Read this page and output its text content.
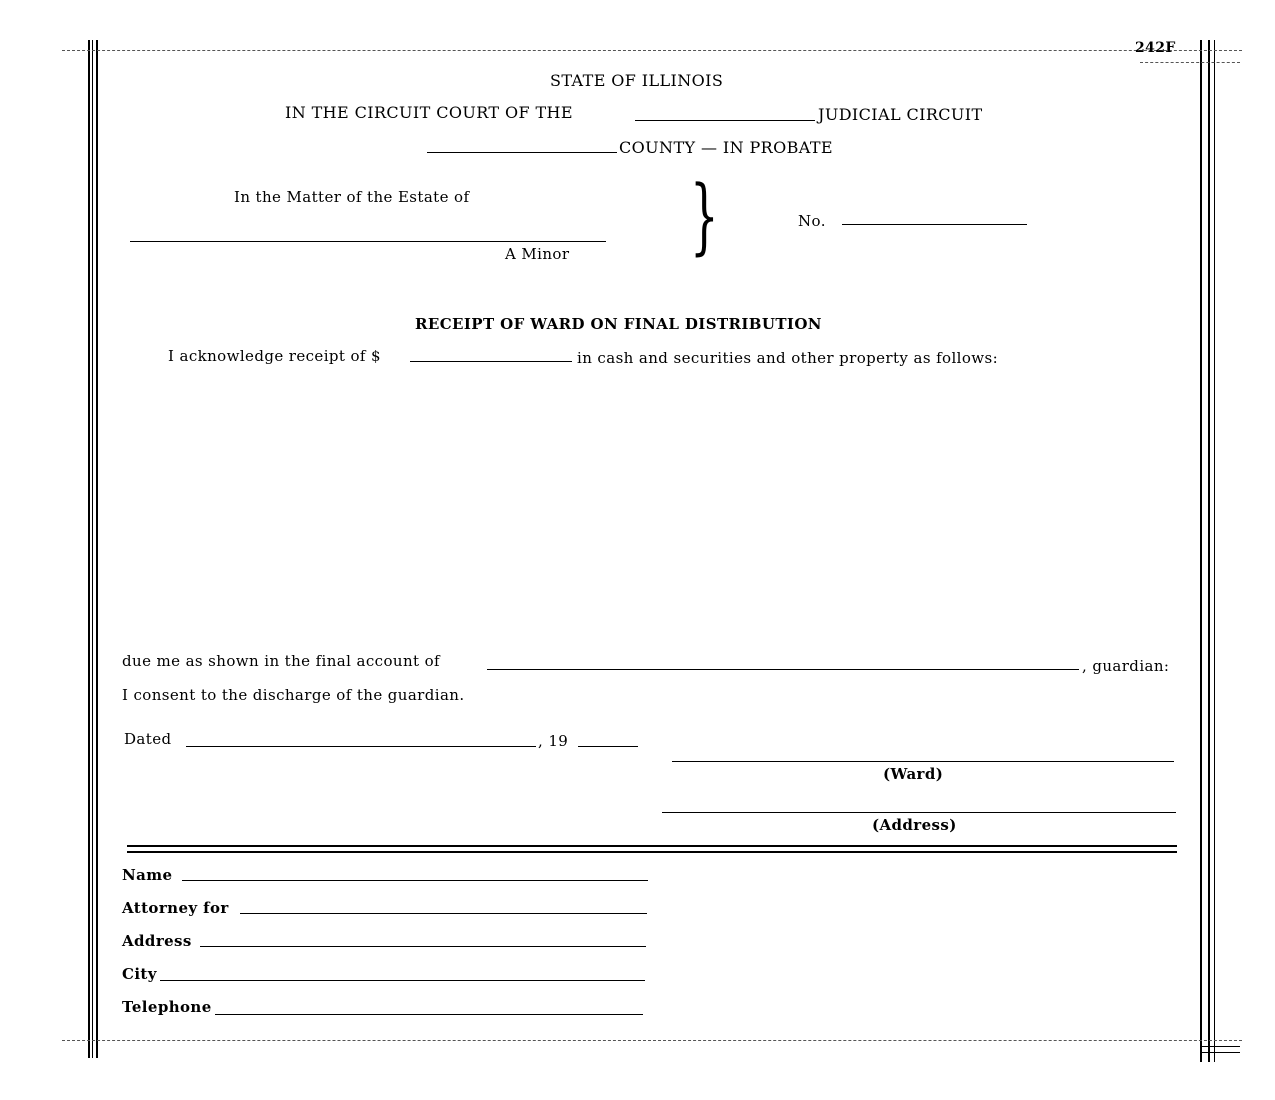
242F
STATE OF ILLINOIS
IN THE CIRCUIT COURT OF THE	JUDICIAL CIRCUIT
COUNTY — IN PROBATE
In the Matter of the Estate of
A Minor }	No.
RECEIPT OF WARD ON FINAL DISTRIBUTION
I acknowledge receipt of $	in cash and securities and other property as follows:
due me as shown in the final account of	, guardian:
I consent to the discharge of the guardian.
Dated	, 19
(Ward)
(Address)
Name
Attorney for
Address
City
Telephone
